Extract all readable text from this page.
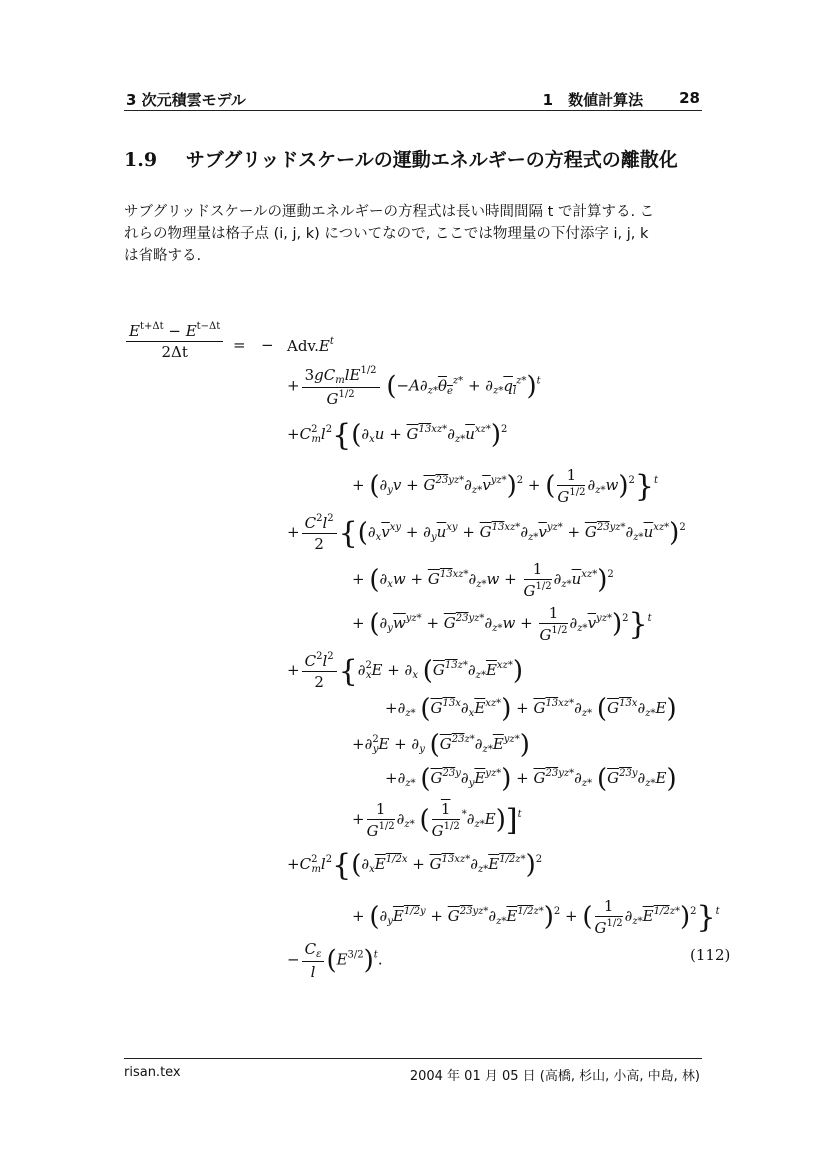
3 次元積雲モデル	1　数値計算法 28
1.9 サブグリッドスケールの運動エネルギーの方程式の離散化

サブグリッドスケールの運動エネルギーの方程式は長い時間間隔 t で計算する. こ

れらの物理量は格子点 (i, j, k) についてなので, ここでは物理量の下付添字 i, j, k

は省略する.

$\frac{E^{t+\Delta t} - E^{t-\Delta t}}{2\Delta t}$ = − $Adv.E^t$
+ $\frac{3gC_mlE^{1/2}}{G^{1/2}} (-A\partial_{z*}\theta_e^{z*} + \partial_{z*}q_l^{z*})^t$
$+C^2_ml^2\{(\partial_xu + G^{13xz*}\partial_{z*}\overline{u}^{xz*})^2$
+ $(\partial_yv + G^{23yz*}\partial_{z*}\overline{v}^{yz*})^2$ + ( $\frac{1}{G^{1/2}} \partial_{z*}w)^2\}^t$
+ $\frac{C^2l^2}{2} \{(\partial_x\overline{v}^{xy} + \partial_y\overline{u}^{xy} + G^{13xz*}\partial_{z*}\overline{v}^{yz*} + G^{23yz*}\partial_{z*}\overline{u}^{xz*})^2$
+ $(\partial_xw + G^{13xz*}\partial_{z*}w + \frac{1}{G^{1/2}} \partial_{z*}\overline{u}^{xz*})^2$
+ $(\partial_y\overline{w}^{yz*} + G^{23yz*}\partial_{z*}w + \frac{1}{G^{1/2}} \partial_{z*}\overline{v}^{yz*})^2\}^t$
+ $\frac{C^2l^2}{2} \{\partial^2_xE + \partial_x$ $(G^{13z*}\partial_{z*}\overline{E}^{xz*})$
$+\partial_{z*}$ $(G^{13x}\partial_x\overline{E}^{xz*}) + G^{13xz*}\partial_{z*}$ $(G^{13x}\partial_{z*}E)$
$+\partial^2_yE + \partial_y$ $(G^{23z*}\partial_{z*}\overline{E}^{yz*})$
$+\partial_{z*}$ $(G^{23y}\partial_y\overline{E}^{yz*}) + G^{23yz*}\partial_{z*}$ $(G^{23y}\partial_{z*}E)$
+ $\frac{1}{G^{1/2}} \partial_{z*}$ ( $\frac{1}{G^{1/2}} ^*\partial_{z*}E)]^t$
$+C^2_ml^2\{(\partial_xE^{1/2x} + G^{13xz*}\partial_{z*}E^{1/2z*})^2$
+ $(\partial_yE^{1/2y} + G^{23yz*}\partial_{z*}E^{1/2z*})^2$ + ( $\frac{1}{G^{1/2}} \partial_{z*}E^{1/2z*})^2\}^t$
− $\frac{C_\varepsilon}{l} (E^{3/2})^t$.	(112)
risan.tex	2004 年 01 月 05 日 (高橋, 杉山, 小高, 中島, 林)
